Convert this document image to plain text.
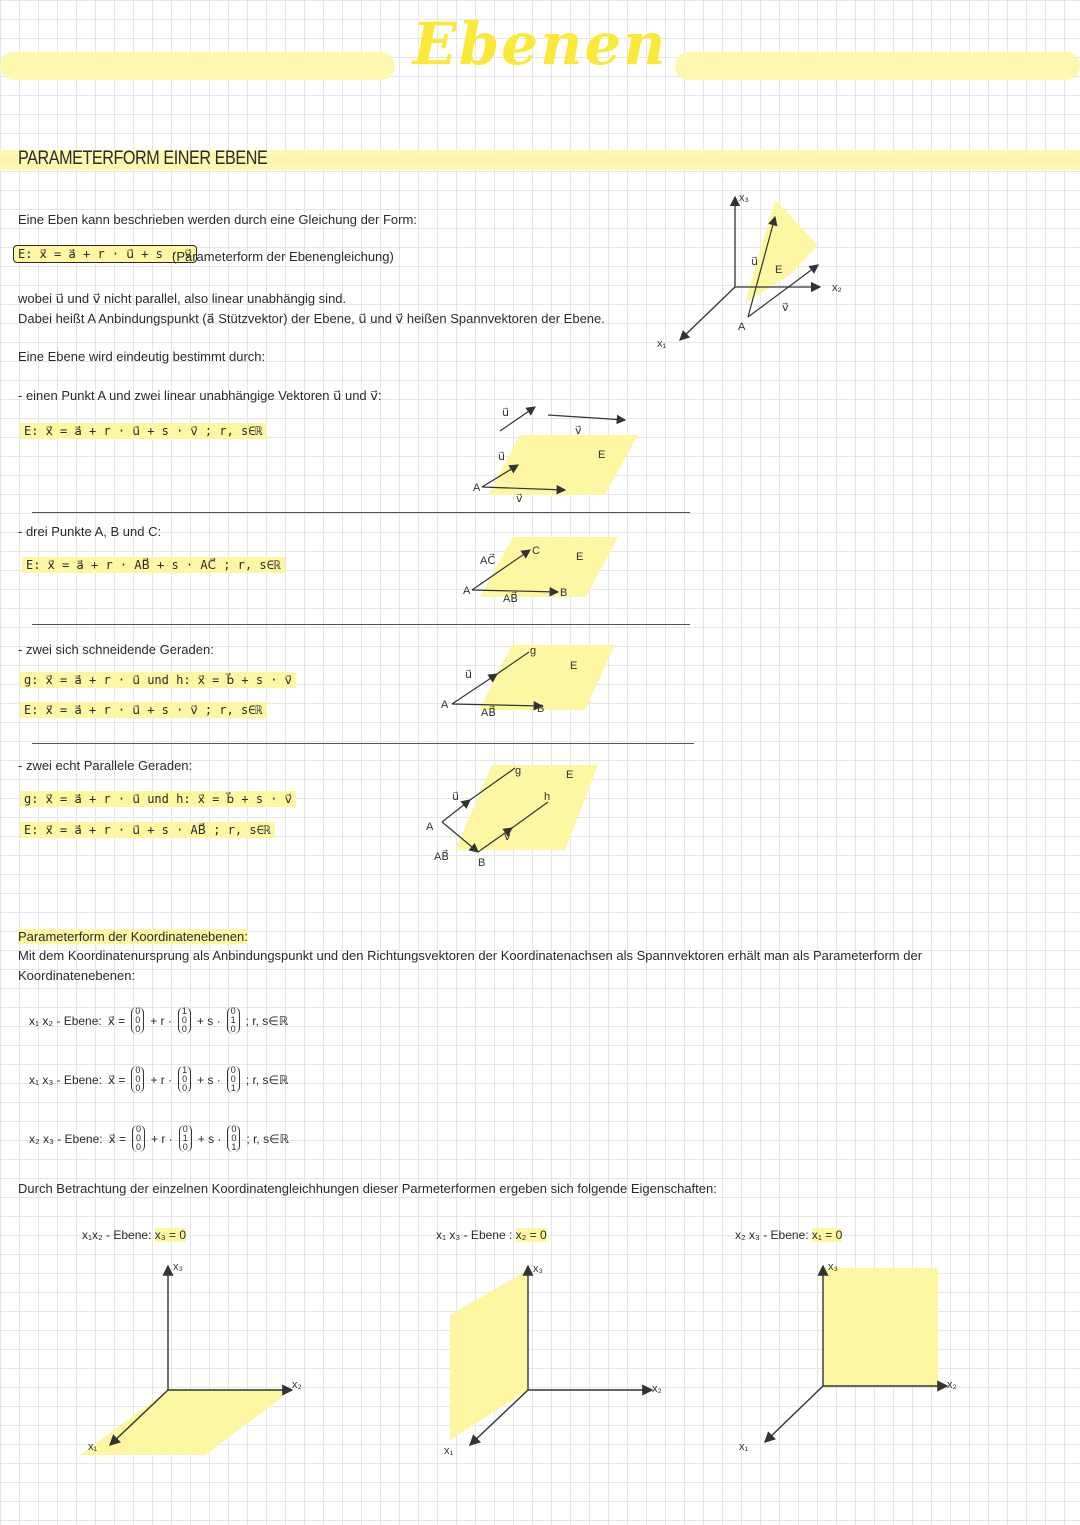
Ebenen
PARAMETERFORM EINER EBENE
Eine Eben kann beschrieben werden durch eine Gleichung der Form:
E: x⃗ = a⃗ + r · u⃗ + s · v⃗
(Parameterform der Ebenengleichung)
wobei u⃗ und v⃗ nicht parallel, also linear unabhängig sind.
Dabei heißt A Anbindungspunkt (a⃗ Stützvektor) der Ebene, u⃗ und v⃗ heißen Spannvektoren der Ebene.
Eine Ebene wird eindeutig bestimmt durch:
- einen Punkt A und zwei linear unabhängige Vektoren u⃗ und v⃗:
E: x⃗ = a⃗ + r · u⃗ + s · v⃗ ; r, s∈ℝ
- drei Punkte A, B und C:
E: x⃗ = a⃗ + r · AB⃗ + s · AC⃗ ; r, s∈ℝ
- zwei sich schneidende Geraden:
g: x⃗ = a⃗ + r · u⃗ und h: x⃗ = b⃗ + s · v⃗
E: x⃗ = a⃗ + r · u⃗ + s · v⃗ ; r, s∈ℝ
- zwei echt Parallele Geraden:
g: x⃗ = a⃗ + r · u⃗ und h: x⃗ = b⃗ + s · v⃗
E: x⃗ = a⃗ + r · u⃗ + s · AB⃗ ; r, s∈ℝ
u⃗
v⃗
u⃗
v⃗
A
E
AC⃗
C	E
A
AB⃗	B
u⃗
g
E
A
AB⃗	B
u⃗
g
h
E
A
v⃗
AB⃗	B
x₃
x₂
x₁
u⃗
E
v⃗
A
Parameterform der Koordinatenebenen:
Mit dem Koordinatenursprung als Anbindungspunkt und den Richtungsvektoren der Koordinatenachsen als Spannvektoren erhält man als Parameterform der
Koordinatenebenen:
x₁ x₂ - Ebene: x⃗ =
0
0
0
+ r ·
1
0
0
+ s ·
0
1
0
; r, s∈ℝ
x₁ x₃ - Ebene: x⃗ =
0
0
0
+ r ·
1
0
0
+ s ·
0
0
1
; r, s∈ℝ
x₂ x₃ - Ebene: x⃗ =
0
0
0
+ r ·
0
1
0
+ s ·
0
0
1
; r, s∈ℝ
Durch Betrachtung der einzelnen Koordinatengleichhungen dieser Parmeterformen ergeben sich folgende Eigenschaften:
x₁x₂ - Ebene: x₃ = 0
x₃
x₂
x₁
x₁ x₃ - Ebene : x₂ = 0
x₃
x₂
x₁
x₂ x₃ - Ebene: x₁ = 0
x₃
x₂
x₁
